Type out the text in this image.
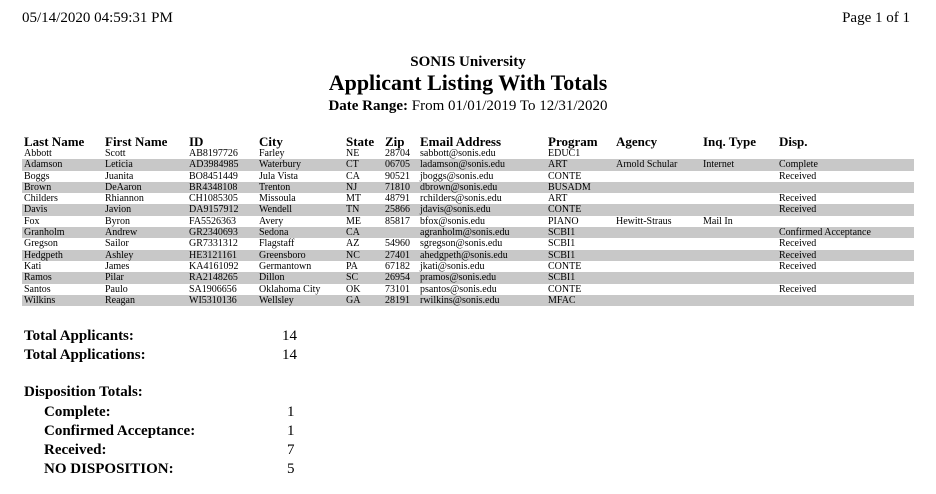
05/14/2020 04:59:31 PM	Page 1 of 1
SONIS University
Applicant Listing With Totals
Date Range: From 01/01/2019 To 12/31/2020
Last Name	First Name	ID	City	State	Zip	Email Address	Program	Agency	Inq. Type	Disp.
Abbott	Scott	AB8197726	Farley	NE	28704	sabbott@sonis.edu	EDUC1			
Adamson	Leticia	AD3984985	Waterbury	CT	06705	ladamson@sonis.edu	ART	Arnold Schular	Internet	Complete
Boggs	Juanita	BO8451449	Jula Vista	CA	90521	jboggs@sonis.edu	CONTE			Received
Brown	DeAaron	BR4348108	Trenton	NJ	71810	dbrown@sonis.edu	BUSADM			
Childers	Rhiannon	CH1085305	Missoula	MT	48791	rchilders@sonis.edu	ART			Received
Davis	Javion	DA9157912	Wendell	TN	25866	jdavis@sonis.edu	CONTE			Received
Fox	Byron	FA5526363	Avery	ME	85817	bfox@sonis.edu	PIANO	Hewitt-Straus	Mail In	
Granholm	Andrew	GR2340693	Sedona	CA		agranholm@sonis.edu	SCBI1			Confirmed Acceptance
Gregson	Sailor	GR7331312	Flagstaff	AZ	54960	sgregson@sonis.edu	SCBI1			Received
Hedgpeth	Ashley	HE3121161	Greensboro	NC	27401	ahedgpeth@sonis.edu	SCBI1			Received
Kati	James	KA4161092	Germantown	PA	67182	jkati@sonis.edu	CONTE			Received
Ramos	Pilar	RA2148265	Dillon	SC	26954	pramos@sonis.edu	SCBI1			
Santos	Paulo	SA1906656	Oklahoma City	OK	73101	psantos@sonis.edu	CONTE			Received
Wilkins	Reagan	WI5310136	Wellsley	GA	28191	rwilkins@sonis.edu	MFAC			
Total Applicants:	14
Total Applications:	14
Disposition Totals:
Complete:	1
Confirmed Acceptance:	1
Received:	7
NO DISPOSITION:	5
